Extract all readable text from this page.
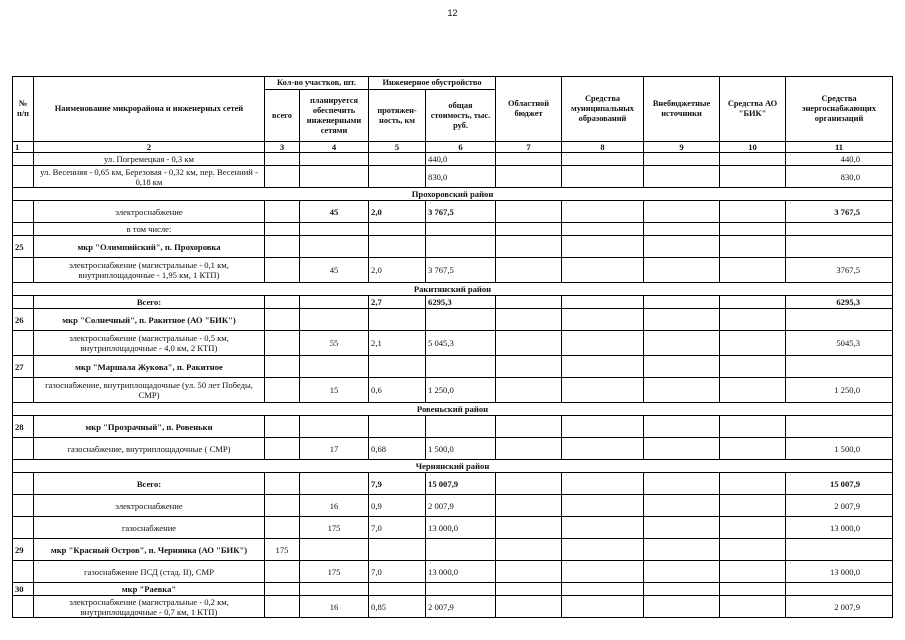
12
№ п/п	Наименование микрорайона и инженерных сетей	Кол-во участков, шт.		Инженерное обустройство		Областной бюджет	Средства муниципальных образований	Внебюджетные источники	Средства АО "БИК"	Средства энергоснабжающих организаций
		всего	планируется обеспечить инженерными сетями	протяжен- ность, км	общая стоимость, тыс. руб.					
1	2	3	4	5	6	7	8	9	10	11
	ул. Погремецкая - 0,3 км				440,0					440,0
	ул. Весенняя - 0,65 км, Березовая - 0,32 км, пер. Весенний - 0,18 км				830,0					830,0
Прохоровский район										
	электроснабжение		45	2,0	3 767,5					3 767,5
	в том числе:									
25	мкр "Олимпийский", п. Прохоровка									
	электроснабжение (магистральные - 0,1 км, внутриплощадочные - 1,95 км, 1 КТП)		45	2,0	3 767,5					3767,5
Ракитянский район										
	Всего:			2,7	6295,3					6295,3
26	мкр "Солнечный", п. Ракитное (АО "БИК")									
	электроснабжение (магистральные - 0,5 км, внутриплощадочные - 4,0 км, 2 КТП)		55	2,1	5 045,3					5045,3
27	мкр "Маршала Жукова", п. Ракитное									
	газоснабжение, внутриплощадочные (ул. 50 лет Победы, СМР)		15	0,6	1 250,0					1 250,0
Ровеньский район										
28	мкр "Прозрачный", п. Ровеньки									
	газоснабжение, внутриплощадочные ( СМР)		17	0,68	1 500,0					1 500,0
Чернянский район										
	Всего:			7,9	15 007,9					15 007,9
	электроснабжение		16	0,9	2 007,9					2 007,9
	газоснабжение		175	7,0	13 000,0					13 000,0
29	мкр "Красный Остров", п. Чернянка (АО "БИК")	175								
	газоснабжение ПСД (стад. II), СМР		175	7,0	13 000,0					13 000,0
30	мкр "Раевка"									
	электроснабжение (магистральные - 0,2 км, внутриплощадочные - 0,7 км, 1 КТП)		16	0,85	2 007,9					2 007,9
